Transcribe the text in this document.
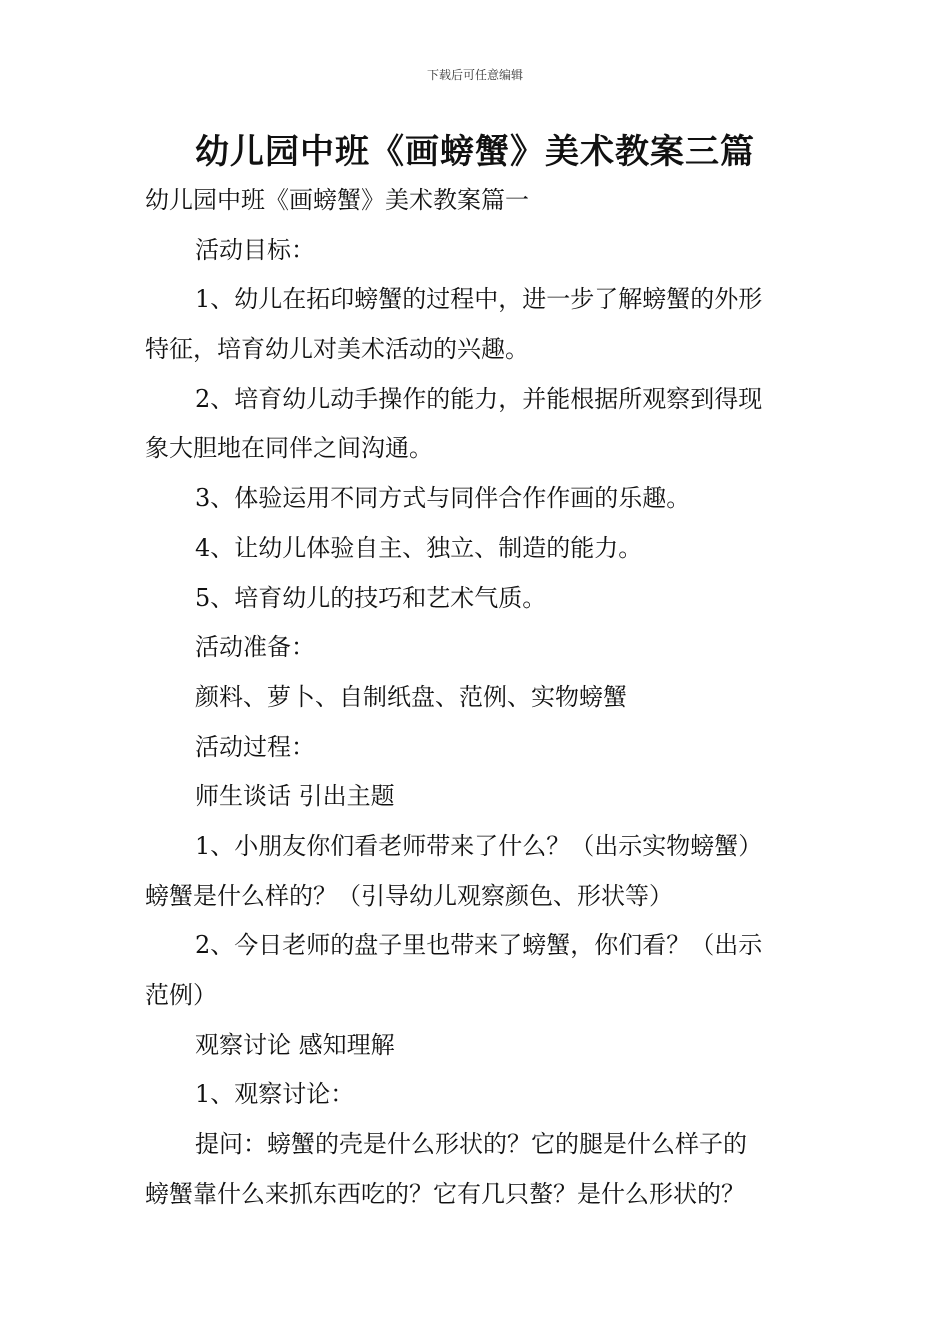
下载后可任意编辑
幼儿园中班《画螃蟹》美术教案三篇
幼儿园中班《画螃蟹》美术教案篇一
活动目标：
1、幼儿在拓印螃蟹的过程中，进一步了解螃蟹的外形
特征，培育幼儿对美术活动的兴趣。
2、培育幼儿动手操作的能力，并能根据所观察到得现
象大胆地在同伴之间沟通。
3、体验运用不同方式与同伴合作作画的乐趣。
4、让幼儿体验自主、独立、制造的能力。
5、培育幼儿的技巧和艺术气质。
活动准备：
颜料、萝卜、自制纸盘、范例、实物螃蟹
活动过程：
师生谈话 引出主题
1、小朋友你们看老师带来了什么？（出示实物螃蟹）
螃蟹是什么样的？（引导幼儿观察颜色、形状等）
2、今日老师的盘子里也带来了螃蟹，你们看？（出示
范例）
观察讨论 感知理解
1、观察讨论：
提问：螃蟹的壳是什么形状的？它的腿是什么样子的
螃蟹靠什么来抓东西吃的？它有几只螯？是什么形状的？
